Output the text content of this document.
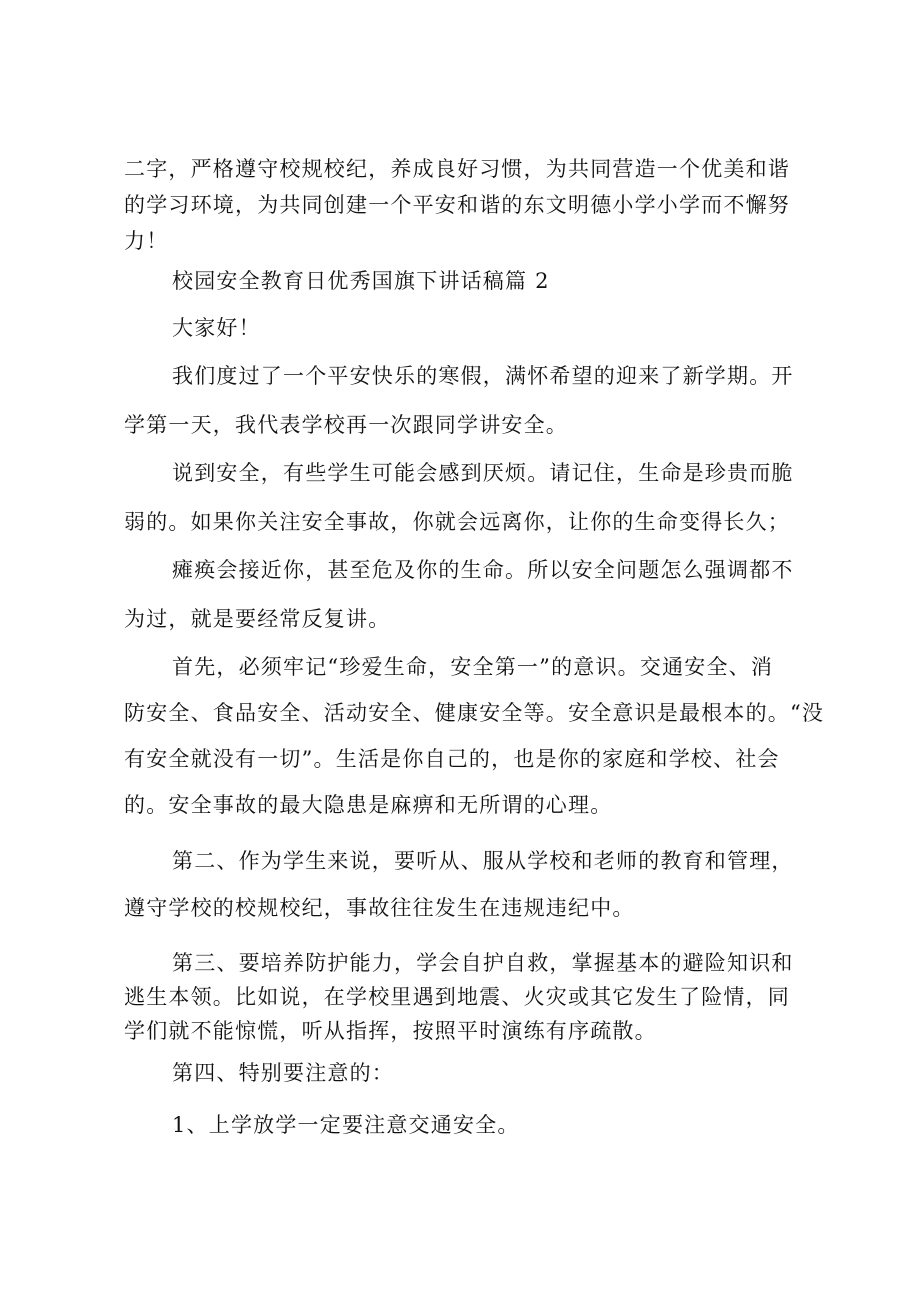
二字，严格遵守校规校纪，养成良好习惯，为共同营造一个优美和谐
的学习环境，为共同创建一个平安和谐的东文明德小学小学而不懈努
力！

校园安全教育日优秀国旗下讲话稿篇 2

大家好！

我们度过了一个平安快乐的寒假，满怀希望的迎来了新学期。开
学第一天，我代表学校再一次跟同学讲安全。

说到安全，有些学生可能会感到厌烦。请记住，生命是珍贵而脆
弱的。如果你关注安全事故，你就会远离你，让你的生命变得长久；

瘫痪会接近你，甚至危及你的生命。所以安全问题怎么强调都不
为过，就是要经常反复讲。

首先，必须牢记“珍爱生命，安全第一”的意识。交通安全、消
防安全、食品安全、活动安全、健康安全等。安全意识是最根本的。“没
有安全就没有一切”。生活是你自己的，也是你的家庭和学校、社会
的。安全事故的最大隐患是麻痹和无所谓的心理。

第二、作为学生来说，要听从、服从学校和老师的教育和管理，
遵守学校的校规校纪，事故往往发生在违规违纪中。

第三、要培养防护能力，学会自护自救，掌握基本的避险知识和
逃生本领。比如说，在学校里遇到地震、火灾或其它发生了险情，同
学们就不能惊慌，听从指挥，按照平时演练有序疏散。

第四、特别要注意的：

1、上学放学一定要注意交通安全。
